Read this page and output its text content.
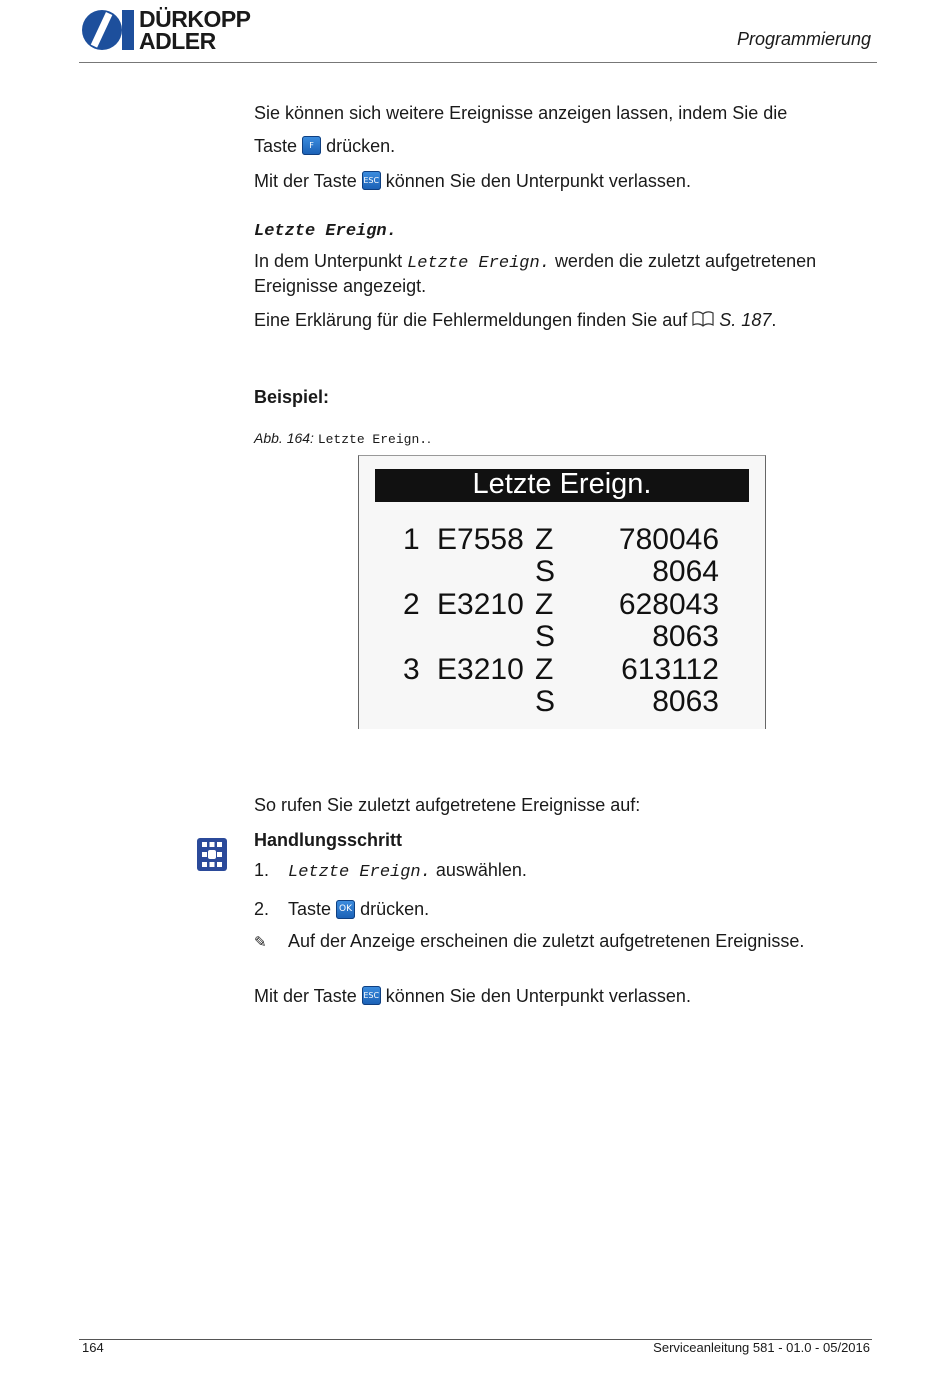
DÜRKOPP
ADLER	Programmierung
Sie können sich weitere Ereignisse anzeigen lassen, indem Sie die
Taste F drücken.
Mit der Taste ESC können Sie den Unterpunkt verlassen.
Letzte Ereign.
In dem Unterpunkt Letzte Ereign. werden die zuletzt aufgetretenen
Ereignisse angezeigt.
Eine Erklärung für die Fehlermeldungen finden Sie auf S. 187.
Beispiel:
Abb. 164: Letzte Ereign..
Letzte Ereign.
1 E7558 Z	780046
S	8064
2 E3210 Z	628043
S	8063
3 E3210 Z	613112
S	8063
So rufen Sie zuletzt aufgetretene Ereignisse auf:
Handlungsschritt
1. Letzte Ereign. auswählen.
2. Taste OK drücken.
✎ Auf der Anzeige erscheinen die zuletzt aufgetretenen Ereignisse.
Mit der Taste ESC können Sie den Unterpunkt verlassen.
164	Serviceanleitung 581 - 01.0 - 05/2016
